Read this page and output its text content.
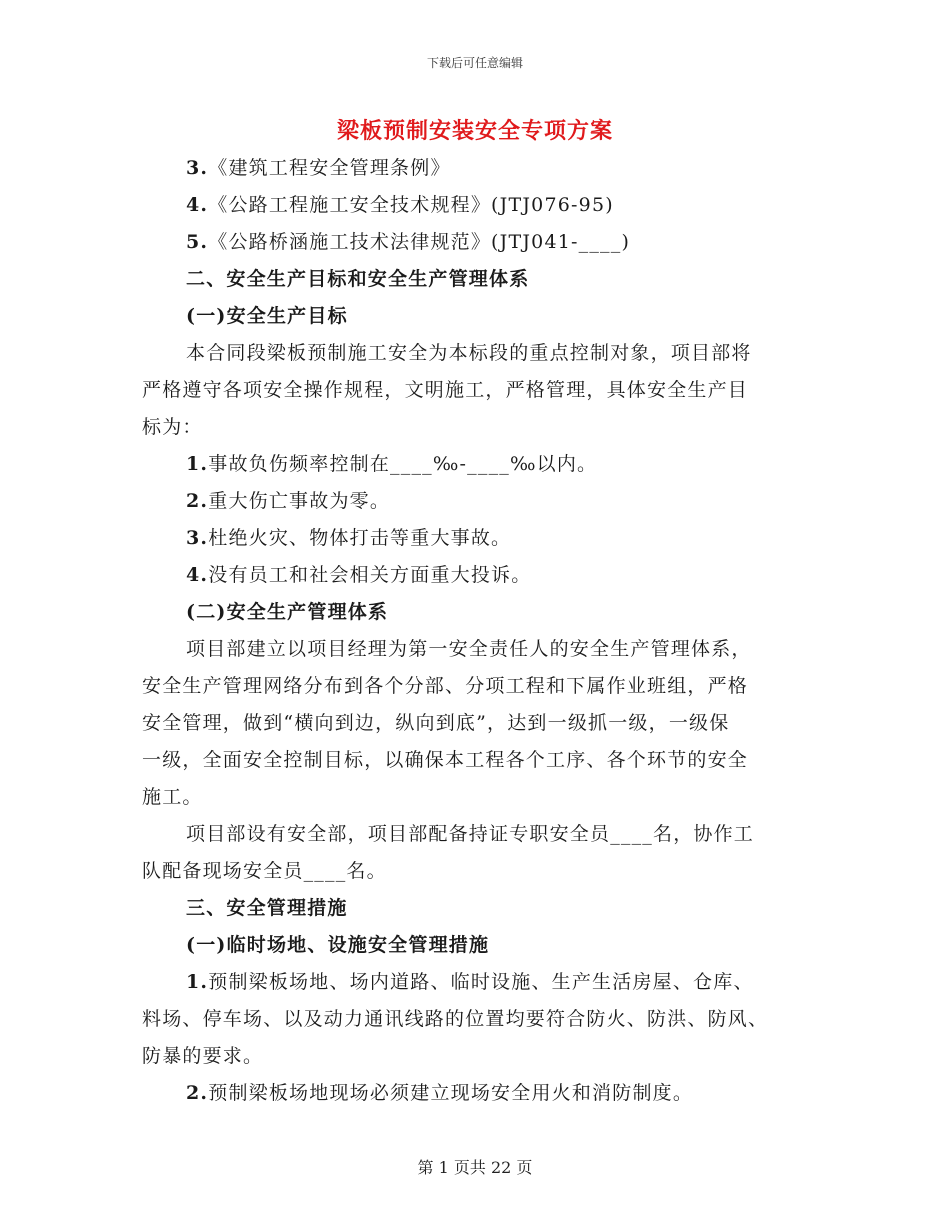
下载后可任意编辑
梁板预制安装安全专项方案
3.《建筑工程安全管理条例》
4.《公路工程施工安全技术规程》(JTJ076-95)
5.《公路桥涵施工技术法律规范》(JTJ041-____)
二、安全生产目标和安全生产管理体系
(一)安全生产目标
本合同段梁板预制施工安全为本标段的重点控制对象，项目部将
严格遵守各项安全操作规程，文明施工，严格管理，具体安全生产目
标为：
1.事故负伤频率控制在____‰-____‰以内。
2.重大伤亡事故为零。
3.杜绝火灾、物体打击等重大事故。
4.没有员工和社会相关方面重大投诉。
(二)安全生产管理体系
项目部建立以项目经理为第一安全责任人的安全生产管理体系，
安全生产管理网络分布到各个分部、分项工程和下属作业班组，严格
安全管理，做到“横向到边，纵向到底”，达到一级抓一级，一级保
一级，全面安全控制目标，以确保本工程各个工序、各个环节的安全
施工。
项目部设有安全部，项目部配备持证专职安全员____名，协作工
队配备现场安全员____名。
三、安全管理措施
(一)临时场地、设施安全管理措施
1.预制梁板场地、场内道路、临时设施、生产生活房屋、仓库、
料场、停车场、以及动力通讯线路的位置均要符合防火、防洪、防风、
防暴的要求。
2.预制梁板场地现场必须建立现场安全用火和消防制度。
第 1 页共 22 页
